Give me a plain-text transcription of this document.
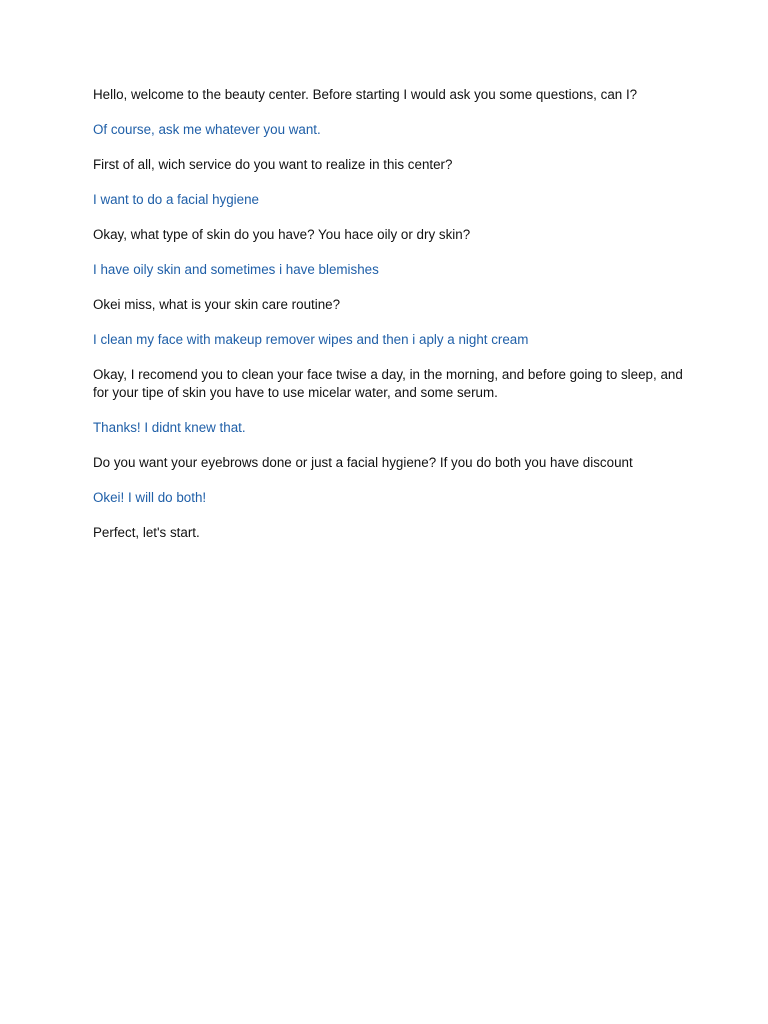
Hello, welcome to the beauty center. Before starting I would ask you some questions, can I?

Of course, ask me whatever you want.

First of all, wich service do you want to realize in this center?

I want to do a facial hygiene

Okay, what type of skin do you have? You hace oily or dry skin?

I have oily skin and sometimes i have blemishes

Okei miss, what is your skin care routine?

I clean my face with makeup remover wipes and then i aply a night cream

Okay, I recomend you to clean your face twise a day, in the morning, and before going to sleep, and for your tipe of skin you have to use micelar water, and some serum.

Thanks! I didnt knew that.

Do you want your eyebrows done or just a facial hygiene? If you do both you have discount

Okei! I will do both!

Perfect, let's start.
